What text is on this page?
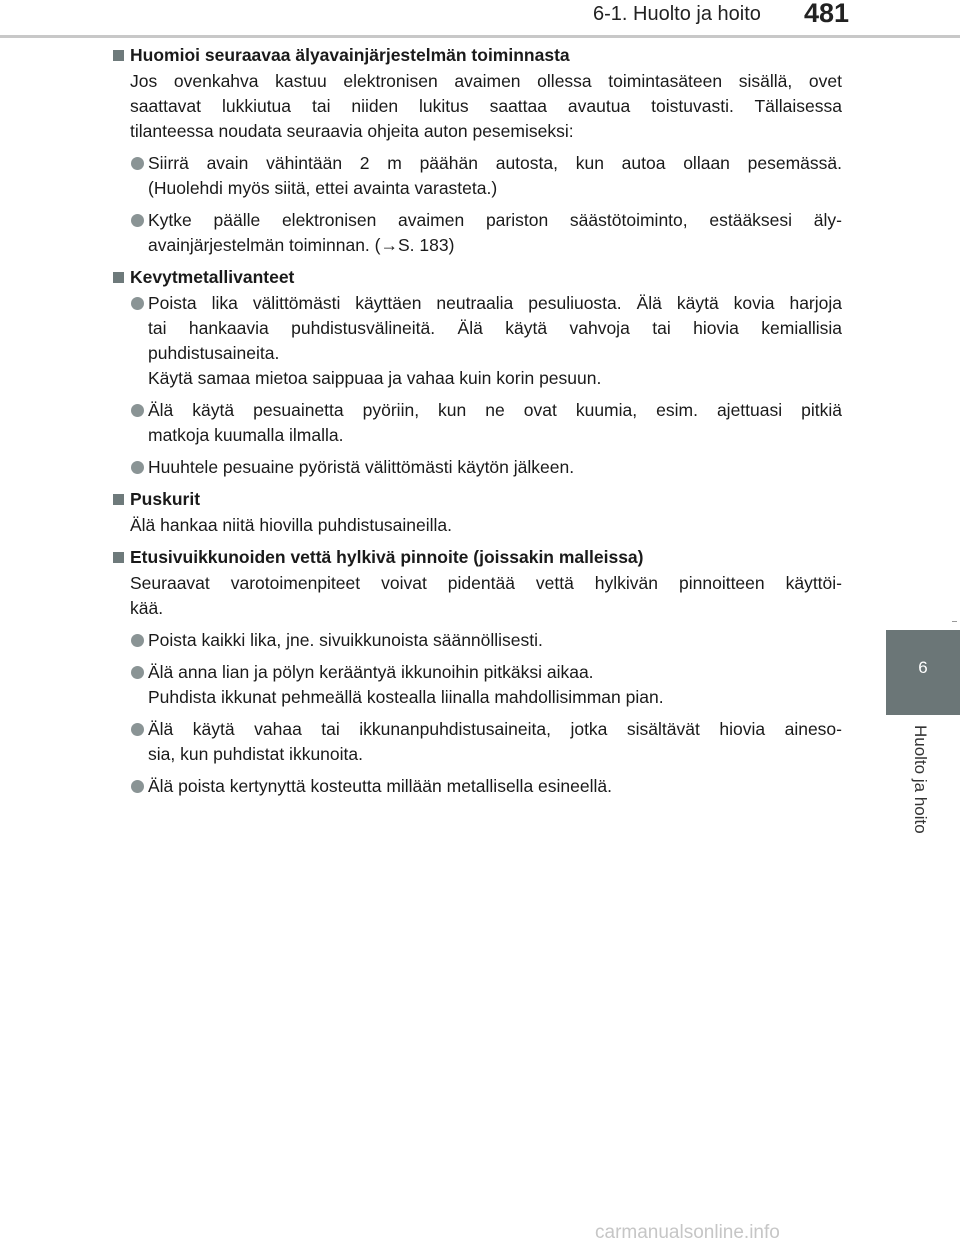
6-1. Huolto ja hoito 481
6
Huolto ja hoito
Huomioi seuraavaa älyavainjärjestelmän toiminnasta
Jos ovenkahva kastuu elektronisen avaimen ollessa toimintasäteen sisällä, ovet
saattavat lukkiutua tai niiden lukitus saattaa avautua toistuvasti. Tällaisessa
tilanteessa noudata seuraavia ohjeita auton pesemiseksi:
Siirrä avain vähintään 2 m päähän autosta, kun autoa ollaan pesemässä.
(Huolehdi myös siitä, ettei avainta varasteta.)
Kytke päälle elektronisen avaimen pariston säästötoiminto, estääksesi äly-
avainjärjestelmän toiminnan. (→S. 183)
Kevytmetallivanteet
Poista lika välittömästi käyttäen neutraalia pesuliuosta. Älä käytä kovia harjoja
tai hankaavia puhdistusvälineitä. Älä käytä vahvoja tai hiovia kemiallisia
puhdistusaineita.
Käytä samaa mietoa saippuaa ja vahaa kuin korin pesuun.
Älä käytä pesuainetta pyöriin, kun ne ovat kuumia, esim. ajettuasi pitkiä
matkoja kuumalla ilmalla.
Huuhtele pesuaine pyöristä välittömästi käytön jälkeen.
Puskurit
Älä hankaa niitä hiovilla puhdistusaineilla.
Etusivuikkunoiden vettä hylkivä pinnoite (joissakin malleissa)
Seuraavat varotoimenpiteet voivat pidentää vettä hylkivän pinnoitteen käyttöi-
kää.
Poista kaikki lika, jne. sivuikkunoista säännöllisesti.
Älä anna lian ja pölyn kerääntyä ikkunoihin pitkäksi aikaa.
Puhdista ikkunat pehmeällä kostealla liinalla mahdollisimman pian.
Älä käytä vahaa tai ikkunanpuhdistusaineita, jotka sisältävät hiovia aineso-
sia, kun puhdistat ikkunoita.
Älä poista kertynyttä kosteutta millään metallisella esineellä.
carmanualsonline.info
